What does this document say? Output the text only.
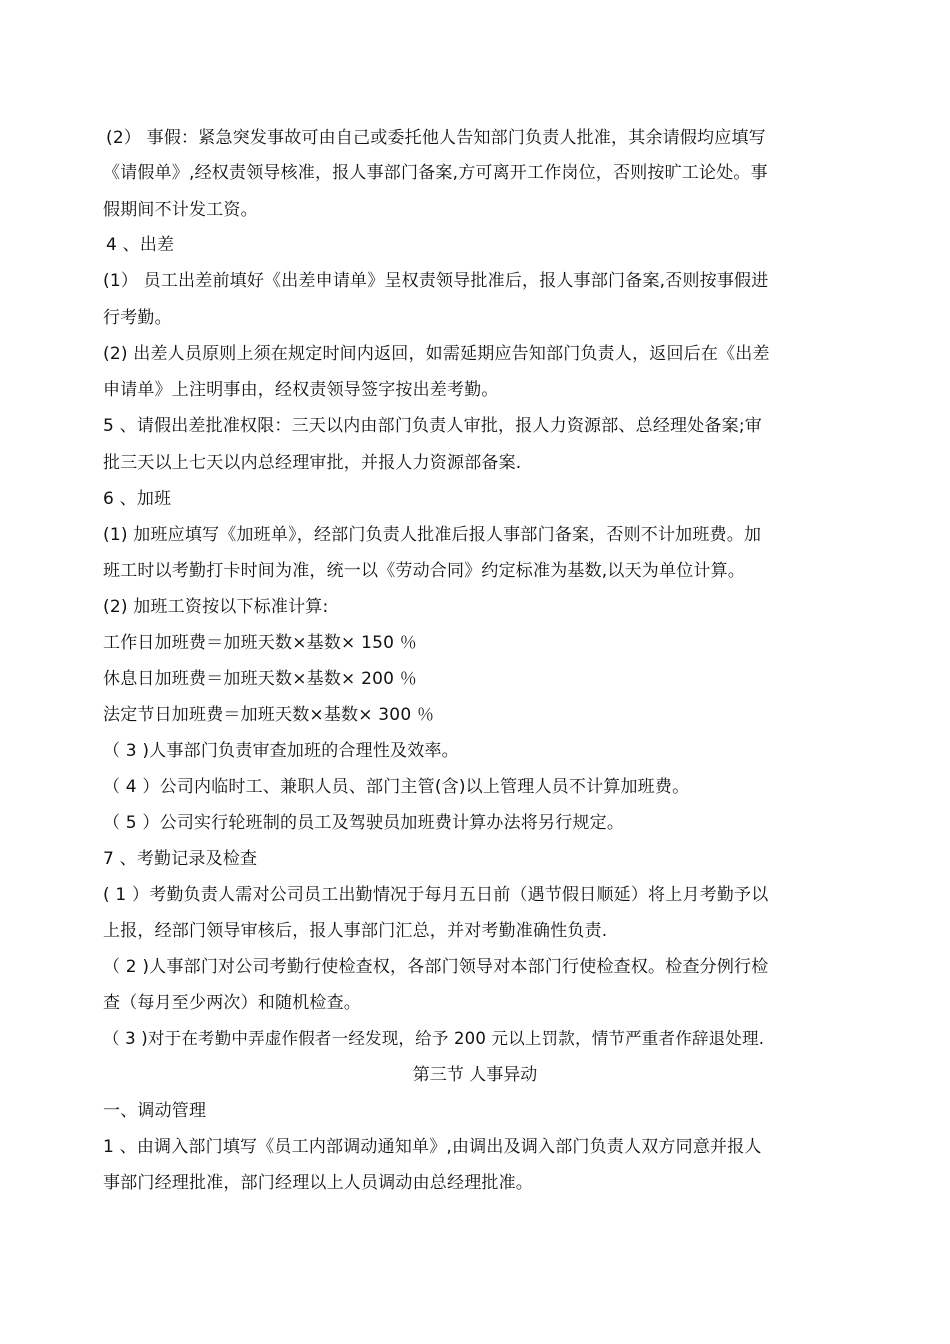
(2） 事假：紧急突发事故可由自己或委托他人告知部门负责人批准，其余请假均应填写
《请假单》,经权责领导核准，报人事部门备案,方可离开工作岗位，否则按旷工论处。事
假期间不计发工资。
4 、出差
(1） 员工出差前填好《出差申请单》呈权责领导批准后，报人事部门备案,否则按事假进
行考勤。
(2) 出差人员原则上须在规定时间内返回，如需延期应告知部门负责人，返回后在《出差
申请单》上注明事由，经权责领导签字按出差考勤。
5 、请假出差批准权限：三天以内由部门负责人审批，报人力资源部、总经理处备案;审
批三天以上七天以内总经理审批，并报人力资源部备案.
6 、加班
(1) 加班应填写《加班单》，经部门负责人批准后报人事部门备案，否则不计加班费。加
班工时以考勤打卡时间为准，统一以《劳动合同》约定标准为基数,以天为单位计算。
(2) 加班工资按以下标准计算:
工作日加班费＝加班天数×基数× 150 ％
休息日加班费＝加班天数×基数× 200 ％
法定节日加班费＝加班天数×基数× 300 ％
（ 3 )人事部门负责审查加班的合理性及效率。
（ 4 ）公司内临时工、兼职人员、部门主管(含)以上管理人员不计算加班费。
（ 5 ）公司实行轮班制的员工及驾驶员加班费计算办法将另行规定。
7 、考勤记录及检查
( 1 ）考勤负责人需对公司员工出勤情况于每月五日前（遇节假日顺延）将上月考勤予以
上报，经部门领导审核后，报人事部门汇总，并对考勤准确性负责.
（ 2 )人事部门对公司考勤行使检查权，各部门领导对本部门行使检查权。检查分例行检
查（每月至少两次）和随机检查。
（ 3 )对于在考勤中弄虚作假者一经发现，给予 200 元以上罚款，情节严重者作辞退处理.
第三节 人事异动
一、调动管理
1 、由调入部门填写《员工内部调动通知单》,由调出及调入部门负责人双方同意并报人
事部门经理批准，部门经理以上人员调动由总经理批准。
